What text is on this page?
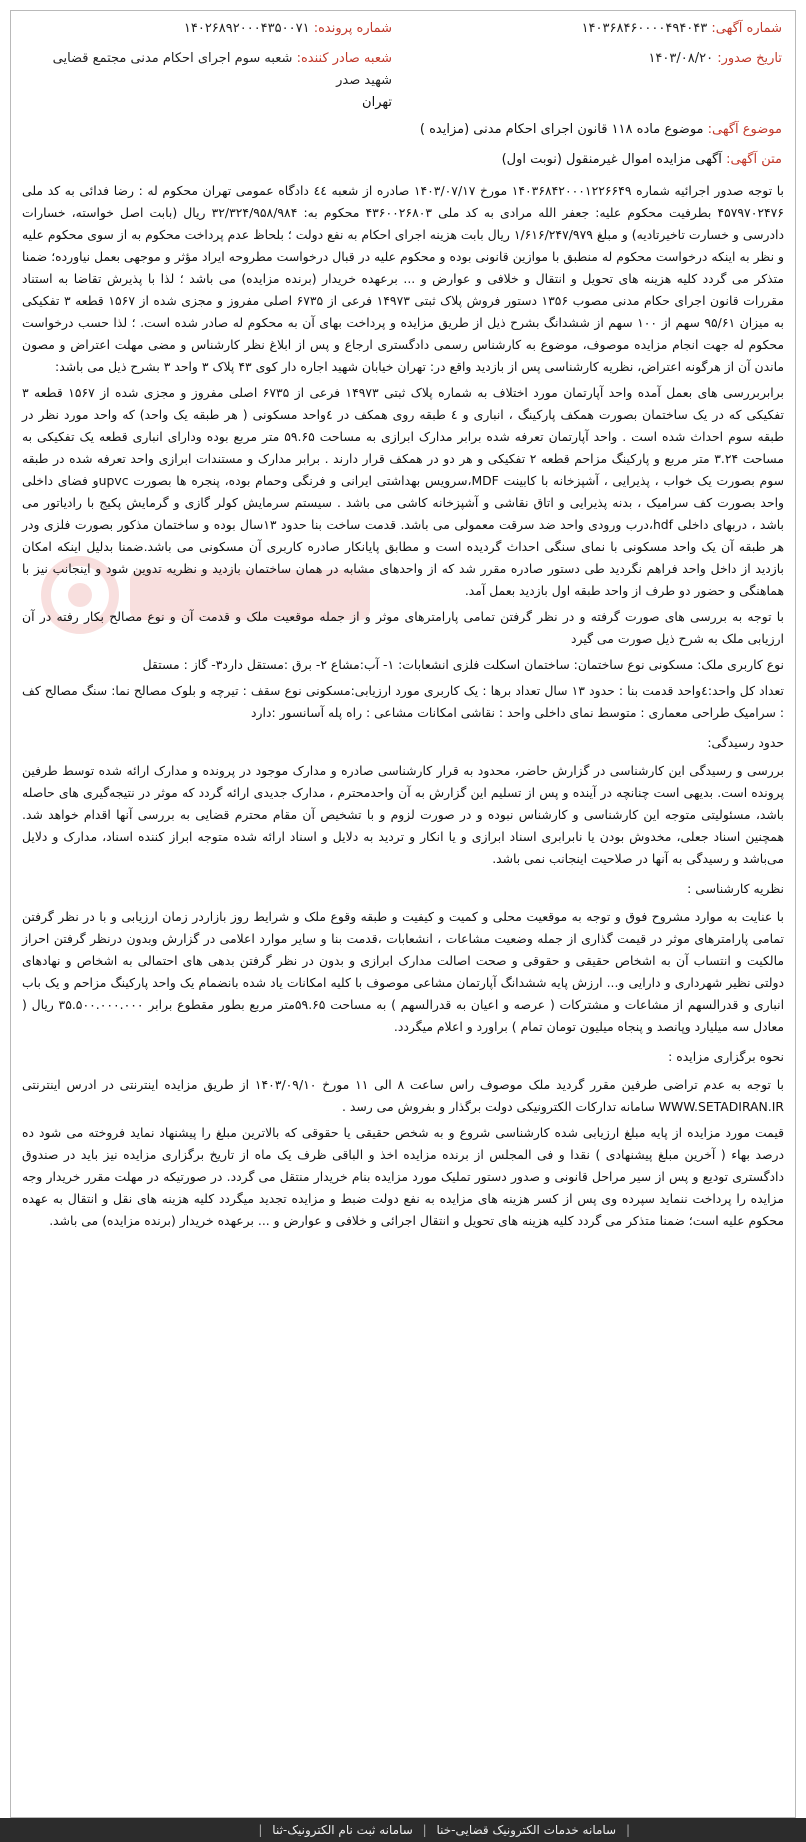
شماره آگهی: ۱۴۰۳۶۸۴۶۰۰۰۰۴۹۴۰۴۳
شماره پرونده: ۱۴۰۲۶۸۹۲۰۰۰۴۳۵۰۰۷۱
تاریخ صدور: ۱۴۰۳/۰۸/۲۰
شعبه صادر کننده: شعبه سوم اجرای احکام مدنی مجتمع قضایی شهید صدر
تهران
موضوع آگهی: موضوع ماده ۱۱۸ قانون اجرای احکام مدنی (مزایده )
متن آگهی: آگهی مزایده اموال غیرمنقول (نوبت اول)

با توجه صدور اجرائیه شماره ۱۴۰۳۶۸۴۲۰۰۰۱۲۲۶۶۴۹ مورخ ۱۴۰۳/۰۷/۱۷ صادره از شعبه ٤٤ دادگاه عمومی تهران محکوم له : رضا فدائی به کد ملی ۴۵۷۹۷۰۲۴۷۶ بطرفیت محکوم علیه: جعفر الله مرادی به کد ملی ۴۳۶۰۰۲۶۸۰۳ محکوم به: ۳۲/۳۲۴/۹۵۸/۹۸۴ ریال (بابت اصل خواسته، خسارات دادرسی و خسارت تاخیرتادیه) و مبلغ ۱/۶۱۶/۲۴۷/۹۷۹ ریال بابت هزینه اجرای احکام به نفع دولت ؛ بلحاظ عدم پرداخت محکوم به از سوی محکوم علیه و نظر به اینکه درخواست محکوم له منطبق با موازین قانونی بوده و محکوم علیه در قبال درخواست مطروحه ایراد مؤثر و موجهی بعمل نیاورده؛ ضمنا متذکر می گردد کلیه هزینه های تحویل و انتقال و خلافی و عوارض و ... برعهده خریدار (برنده مزایده) می باشد ؛ لذا با پذیرش تقاضا به استناد مقررات قانون اجرای حکام مدنی مصوب ۱۳۵۶ دستور فروش پلاک ثبتی ۱۴۹۷۳ فرعی از ۶۷۳۵ اصلی مفروز و مجزی شده از ۱۵۶۷ قطعه ۳ تفکیکی به میزان ۹۵/۶۱ سهم از ۱۰۰ سهم از ششدانگ بشرح ذیل از طریق مزایده و پرداخت بهای آن به محکوم له صادر شده است. ؛ لذا حسب درخواست محکوم له جهت انجام مزایده موصوف، موضوع به کارشناس رسمی دادگستری ارجاع و پس از ابلاغ نظر کارشناس و مضی مهلت اعتراض و مصون ماندن آن از هرگونه اعتراض، نظریه کارشناسی پس از بازدید واقع در: تهران خیابان شهید اجاره دار کوی ۴۳ پلاک ۳ واحد ۳ بشرح ذیل می باشد:

برابربررسی های بعمل آمده واحد آپارتمان مورد اختلاف به شماره پلاک ثبتی ۱۴۹۷۳ فرعی از ۶۷۳۵ اصلی مفروز و مجزی شده از ۱۵۶۷ قطعه ۳ تفکیکی که در یک ساختمان بصورت همکف پارکینگ ، انباری و ٤ طبقه روی همکف در ٤واحد مسکونی ( هر طبقه یک واحد) که واحد مورد نظر در طبقه سوم احداث شده است . واحد آپارتمان تعرفه شده برابر مدارک ابرازی به مساحت ۵۹.۶۵ متر مربع بوده ودارای انباری قطعه یک تفکیکی به مساحت ۳.۲۴ متر مربع و پارکینگ مزاحم قطعه ۲ تفکیکی و هر دو در همکف قرار دارند . برابر مدارک و مستندات ابرازی واحد تعرفه شده در طبقه سوم بصورت یک خواب ، پذیرایی ، آشپزخانه با کابینت MDF،سرویس بهداشتی ایرانی و فرنگی وحمام بوده، پنجره ها بصورت upvcو فضای داخلی واحد بصورت کف سرامیک ، بدنه پذیرایی و اتاق نقاشی و آشپزخانه کاشی می باشد . سیستم سرمایش کولر گازی و گرمایش پکیج با رادیاتور می باشد ، دربهای داخلی hdf،درب ورودی واحد ضد سرقت معمولی می باشد. قدمت ساخت بنا حدود ۱۳سال بوده و ساختمان مذکور بصورت فلزی ودر هر طبقه آن یک واحد مسکونی با نمای سنگی احداث گردیده است و مطابق پایانکار صادره کاربری آن مسکونی می باشد.ضمنا بدلیل اینکه امکان بازدید از داخل واحد فراهم نگردید طی دستور صادره مقرر شد که از واحدهای مشابه در همان ساختمان بازدید و نظریه تدوین شود و اینجانب نیز با هماهنگی و حضور دو طرف از واحد طبقه اول بازدید بعمل آمد.

با توجه به بررسی های صورت گرفته و در نظر گرفتن تمامی پارامترهای موثر و از جمله موقعیت ملک و قدمت آن و نوع مصالح بکار رفته در آن ارزیابی ملک به شرح ذیل صورت می گیرد

نوع کاربری ملک: مسکونی نوع ساختمان: ساختمان اسکلت فلزی انشعابات: ۱- آب:مشاع ۲- برق :مستقل دارد۳- گاز : مستقل

تعداد کل واحد:٤واحد قدمت بنا : حدود ۱۳ سال تعداد برها : یک کاربری مورد ارزیابی:مسکونی نوع سقف : تیرچه و بلوک مصالح نما: سنگ مصالح کف : سرامیک طراحی معماری : متوسط نمای داخلی واحد : نقاشی امکانات مشاعی : راه پله آسانسور :دارد

حدود رسیدگی:

بررسی و رسیدگی این کارشناسی در گزارش حاضر، محدود به قرار کارشناسی صادره و مدارک موجود در پرونده و مدارک ارائه شده توسط طرفین پرونده است. بدیهی است چنانچه در آینده و پس از تسلیم این گزارش به آن واحدمحترم ، مدارک جدیدی ارائه گردد که موثر در نتیجه‌گیری های حاصله باشد، مسئولیتی متوجه این کارشناسی و کارشناس نبوده و در صورت لزوم و با تشخیص آن مقام محترم قضایی به بررسی آنها اقدام خواهد شد. همچنین اسناد جعلی، مخدوش بودن یا نابرابری اسناد ابرازی و یا انکار و تردید به دلایل و اسناد ارائه شده متوجه ابراز کننده اسناد، مدارک و دلایل می‌باشد و رسیدگی به آنها در صلاحیت اینجانب نمی باشد.

نظریه کارشناسی :

با عنایت به موارد مشروح فوق و توجه به موقعیت محلی و کمیت و کیفیت و طبقه وقوع ملک و شرایط روز بازاردر زمان ارزیابی و با در نظر گرفتن تمامی پارامترهای موثر در قیمت گذاری از جمله وضعیت مشاعات ، انشعابات ،قدمت بنا و سایر موارد اعلامی در گزارش وبدون درنظر گرفتن احراز مالکیت و انتساب آن به اشخاص حقیقی و حقوقی و صحت اصالت مدارک ابرازی و بدون در نظر گرفتن بدهی های احتمالی به اشخاص و نهادهای دولتی نظیر شهرداری و دارایی و... ارزش پایه ششدانگ آپارتمان مشاعی موصوف با کلیه امکانات یاد شده بانضمام یک واحد پارکینگ مزاحم و یک باب انباری و قدرالسهم از مشاعات و مشترکات ( عرصه و اعیان به قدرالسهم ) به مساحت ۵۹.۶۵متر مربع بطور مقطوع برابر ۳۵.۵۰۰.۰۰۰.۰۰۰ ریال ( معادل سه میلیارد وپانصد و پنجاه میلیون تومان تمام ) براورد و اعلام میگردد.

نحوه برگزاری مزایده :

با توجه به عدم تراضی طرفین مقرر گردید ملک موصوف راس ساعت ۸ الی ۱۱ مورخ ۱۴۰۳/۰۹/۱۰ از طریق مزایده اینترنتی در ادرس اینترنتی WWW.SETADIRAN.IR سامانه تدارکات الکترونیکی دولت برگذار و بفروش می رسد .

قیمت مورد مزایده از پایه مبلغ ارزیابی شده کارشناسی شروع و به شخص حقیقی یا حقوقی که بالاترین مبلغ را پیشنهاد نماید فروخته می شود ده درصد بهاء ( آخرین مبلغ پیشنهادی ) نقدا و فی المجلس از برنده مزایده اخذ و الباقی ظرف یک ماه از تاریخ برگزاری مزایده نیز باید در صندوق دادگستری تودیع و پس از سیر مراحل قانونی و صدور دستور تملیک مورد مزایده بنام خریدار منتقل می گردد. در صورتیکه در مهلت مقرر خریدار وجه مزایده را پرداخت ننماید سپرده وی پس از کسر هزینه های مزایده به نفع دولت ضبط و مزایده تجدید میگردد کلیه هزینه های نقل و انتقال به عهده محکوم علیه است؛ ضمنا متذکر می گردد کلیه هزینه های تحویل و انتقال اجرائی و خلافی و عوارض و ... برعهده خریدار (برنده مزایده) می باشد.

| سامانه خدمات الکترونیک قضایی-خنا | سامانه ثبت نام الکترونیک-ثنا |
